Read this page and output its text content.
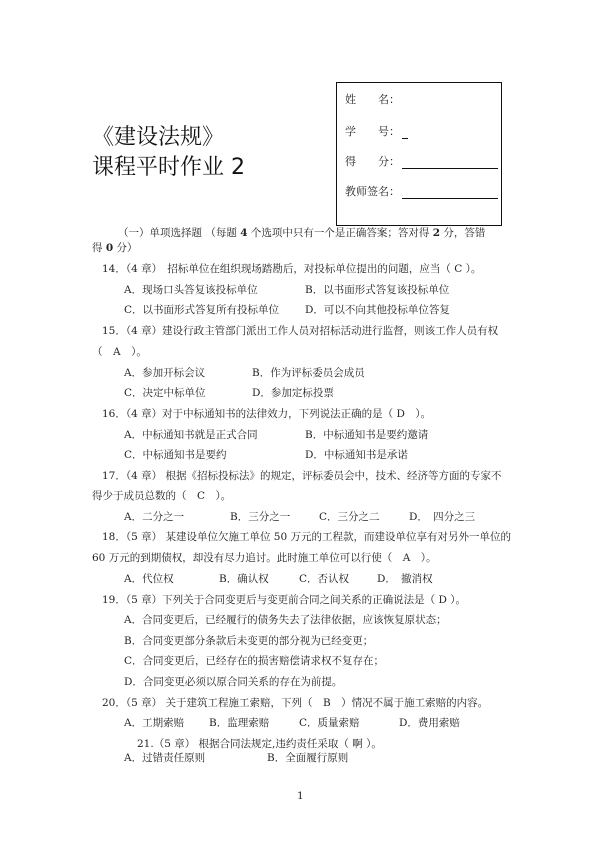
《建设法规》
课程平时作业 2
姓　　名：
学　　号：
得　　分：
教师签名：
（一）单项选择题 （每题 4 个选项中只有一个是正确答案；答对得 2 分，答错
得 0 分）
14．（4 章）　招标单位在组织现场踏勘后，对投标单位提出的问题，应当（ C ）。
A．现场口头答复该投标单位	B．以书面形式答复该投标单位
C．以书面形式答复所有投标单位 D．可以不向其他投标单位答复
15．（4 章）建设行政主管部门派出工作人员对招标活动进行监督，则该工作人员有权
（　A　）。
A．参加开标会议	B．作为评标委员会成员
C．决定中标单位	D．参加定标投票
16．（4 章）对于中标通知书的法律效力，下列说法正确的是（ D　）。
A．中标通知书就是正式合同	B．中标通知书是要约邀请
C．中标通知书是要约	D．中标通知书是承诺
17．（4 章） 根据《招标投标法》的规定，评标委员会中，技术、经济等方面的专家不
得少于成员总数的（　C　）。
A．二分之一	B．三分之一	C．三分之二	D．　四分之三
18．（5 章） 某建设单位欠施工单位 50 万元的工程款，而建设单位享有对另外一单位的
60 万元的到期债权，却没有尽力追讨。此时施工单位可以行使（　A　）。
A．代位权	B．确认权	C．否认权	D．　撤消权
19．（5 章）下列关于合同变更后与变更前合同之间关系的正确说法是（ D ）。
A．合同变更后，已经履行的债务失去了法律依据，应该恢复原状态；
B．合同变更部分条款后未变更的部分视为已经变更；
C．合同变更后，已经存在的损害赔偿请求权不复存在；
D．合同变更必须以原合同关系的存在为前提。
20．（5 章） 关于建筑工程施工索赔，下列（　B　）情况不属于施工索赔的内容。
A．工期索赔 B．监理索赔	C．质量索赔	D．费用索赔
21.（5 章） 根据合同法规定,违约责任采取（ 啊 ）。
A．过错责任原则	B．全面履行原则
1
